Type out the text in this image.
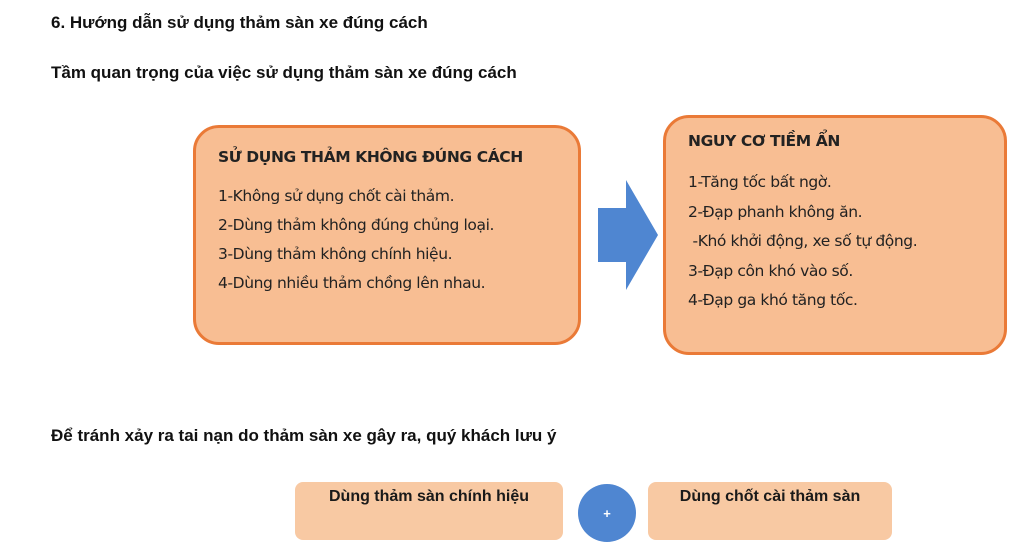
6. Hướng dẫn sử dụng thảm sàn xe đúng cách
Tầm quan trọng của việc sử dụng thảm sàn xe đúng cách
SỬ DỤNG THẢM KHÔNG ĐÚNG CÁCH
1-Không sử dụng chốt cài thảm.
2-Dùng thảm không đúng chủng loại.
3-Dùng thảm không chính hiệu.
4-Dùng nhiều thảm chồng lên nhau.
NGUY CƠ TIỀM ẨN
1-Tăng tốc bất ngờ.
2-Đạp phanh không ăn.
-Khó khởi động, xe số tự động.
3-Đạp côn khó vào số.
4-Đạp ga khó tăng tốc.
Để tránh xảy ra tai nạn do thảm sàn xe gây ra, quý khách lưu ý
Dùng thảm sàn chính hiệu
+
Dùng chốt cài thảm sàn
